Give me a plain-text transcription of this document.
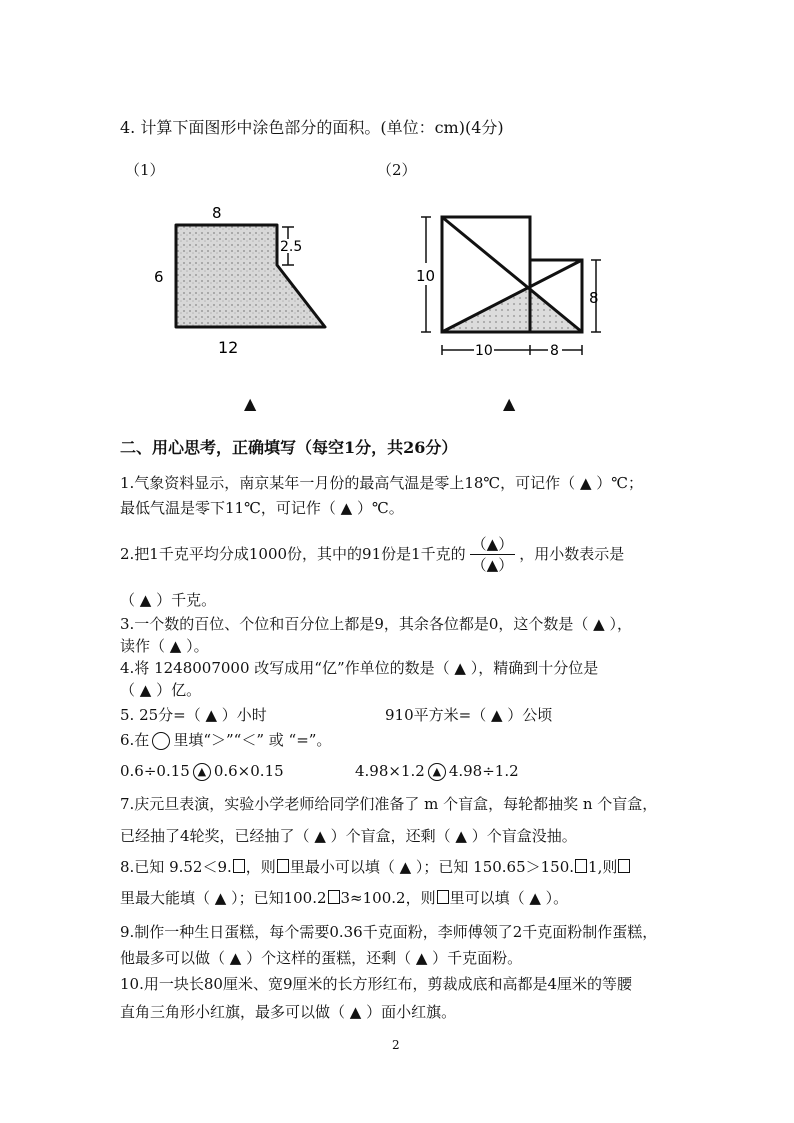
4. 计算下面图形中涂色部分的面积。(单位：cm)(4分)
（1）	（2）
8
6
12
2.5
10
8
10	8
▲	▲
二、用心思考，正确填写（每空1分，共26分）
1.气象资料显示，南京某年一月份的最高气温是零上18℃，可记作（ ▲ ）℃；
最低气温是零下11℃，可记作（ ▲ ）℃。
2.把1千克平均分成1000份，其中的91份是1千克的 $\frac{(▲)}{(▲)}$ ，用小数表示是
（ ▲ ）千克。
3.一个数的百位、个位和百分位上都是9，其余各位都是0，这个数是（ ▲ ），
读作（ ▲ ）。
4.将 1248007000 改写成用“亿”作单位的数是（ ▲ ），精确到十分位是
（ ▲ ）亿。
5. 25分=（ ▲ ）小时	910平方米=（ ▲ ）公顷
6.在 里填“＞”“＜” 或 “=”。
0.6÷0.15 ▲ 0.6×0.15	4.98×1.2 ▲ 4.98÷1.2
7.庆元旦表演，实验小学老师给同学们准备了 m 个盲盒，每轮都抽奖 n 个盲盒，
已经抽了4轮奖，已经抽了（ ▲ ）个盲盒，还剩（ ▲ ）个盲盒没抽。
8.已知 9.52＜9. ，则 里最小可以填（ ▲ ）；已知 150.65＞150. 1,则
里最大能填（ ▲ ）；已知100.2 3≈100.2，则 里可以填（ ▲ ）。
9.制作一种生日蛋糕，每个需要0.36千克面粉，李师傅领了2千克面粉制作蛋糕，
他最多可以做（ ▲ ）个这样的蛋糕，还剩（ ▲ ）千克面粉。
10.用一块长80厘米、宽9厘米的长方形红布，剪裁成底和高都是4厘米的等腰
直角三角形小红旗，最多可以做（ ▲ ）面小红旗。
2
